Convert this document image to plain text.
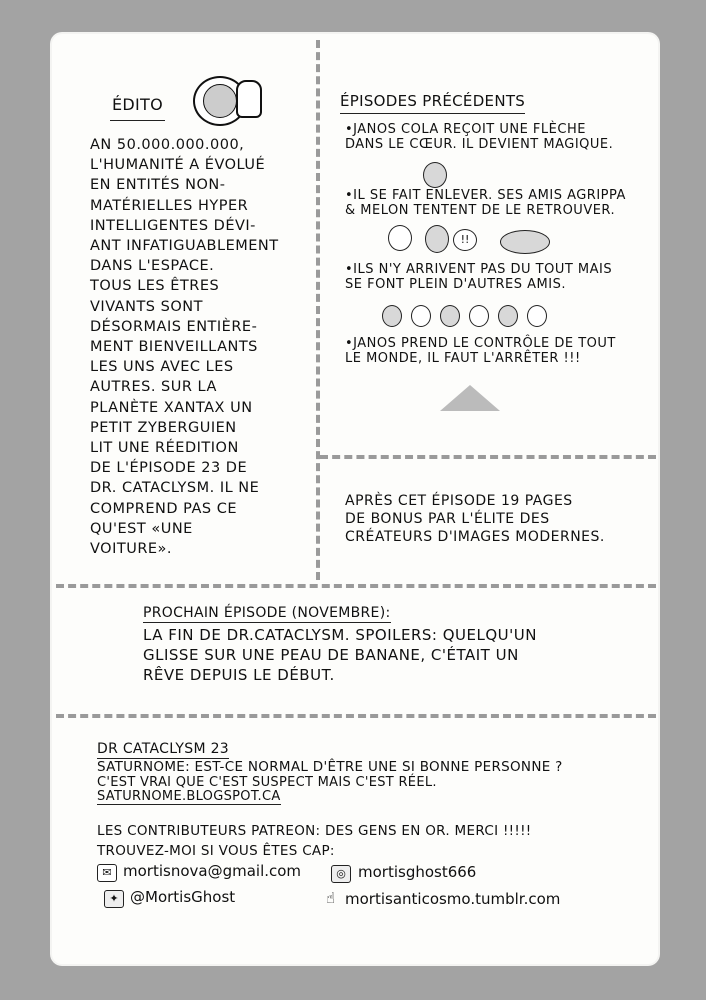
ÉDITO
AN 50.000.000.000,
L'HUMANITÉ A ÉVOLUÉ
EN ENTITÉS NON-
MATÉRIELLES HYPER
INTELLIGENTES DÉVI-
ANT INFATIGUABLEMENT
DANS L'ESPACE.
TOUS LES ÊTRES
VIVANTS SONT
DÉSORMAIS ENTIÈRE-
MENT BIENVEILLANTS
LES UNS AVEC LES
AUTRES. SUR LA
PLANÈTE XANTAX UN
PETIT ZYBERGUIEN
LIT UNE RÉEDITION
DE L'ÉPISODE 23 DE
DR. CATACLYSM. IL NE
COMPREND PAS CE
QU'EST «UNE
VOITURE».
ÉPISODES PRÉCÉDENTS
•JANOS COLA REÇOIT UNE FLÈCHE
DANS LE CŒUR. IL DEVIENT MAGIQUE.
•IL SE FAIT ENLEVER. SES AMIS AGRIPPA
& MELON TENTENT DE LE RETROUVER.
•ILS N'Y ARRIVENT PAS DU TOUT MAIS
SE FONT PLEIN D'AUTRES AMIS.
•JANOS PREND LE CONTRÔLE DE TOUT
LE MONDE, IL FAUT L'ARRÊTER !!!
!!
APRÈS CET ÉPISODE 19 PAGES
DE BONUS PAR L'ÉLITE DES
CRÉATEURS D'IMAGES MODERNES.
PROCHAIN ÉPISODE (NOVEMBRE):
LA FIN DE DR.CATACLYSM. SPOILERS: QUELQU'UN
GLISSE SUR UNE PEAU DE BANANE, C'ÉTAIT UN
RÊVE DEPUIS LE DÉBUT.
DR CATACLYSM 23
SATURNOME: EST-CE NORMAL D'ÊTRE UNE SI BONNE PERSONNE ?
C'EST VRAI QUE C'EST SUSPECT MAIS C'EST RÉEL.
SATURNOME.BLOGSPOT.CA
LES CONTRIBUTEURS PATREON: DES GENS EN OR. MERCI !!!!!
TROUVEZ-MOI SI VOUS ÊTES CAP:
✉ mortisnova@gmail.com	◎ mortisghost666
✦ @MortisGhost	☝ mortisanticosmo.tumblr.com
